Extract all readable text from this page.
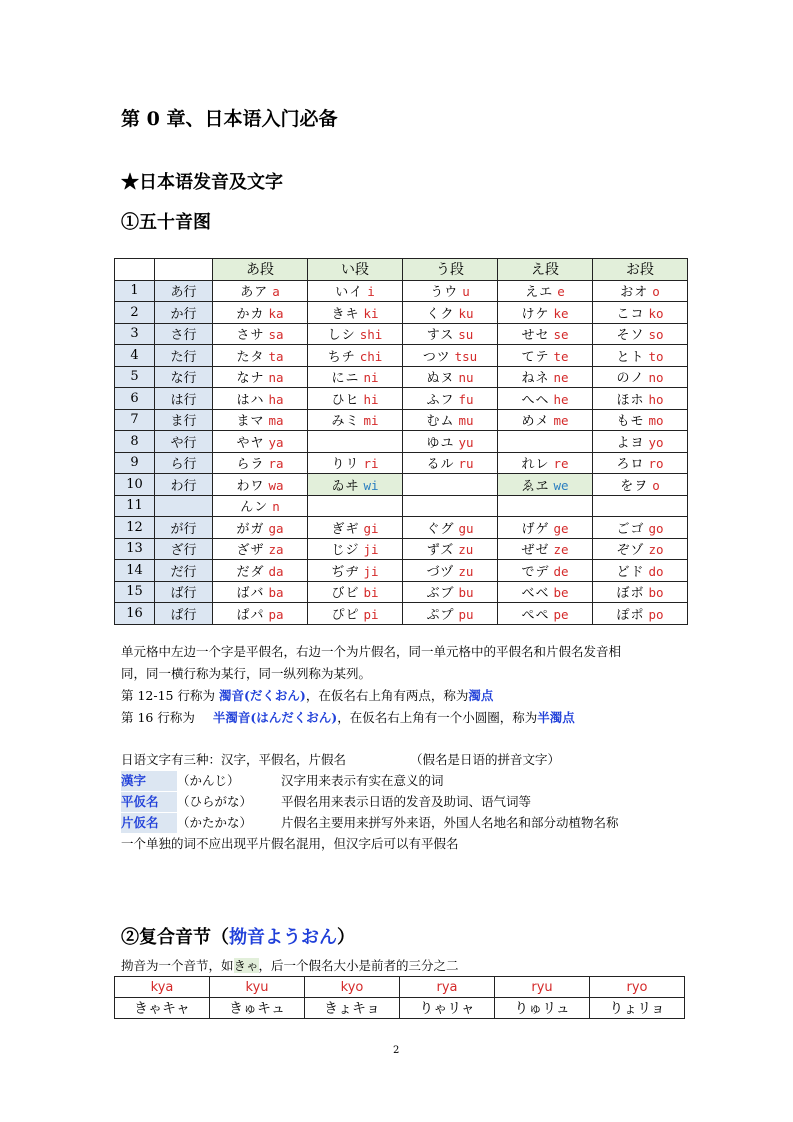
第 0 章、日本语入门必备
★日本语发音及文字
①五十音图
		あ段	い段	う段	え段	お段
1	あ行	あア a	いイ i	うウ u	えエ e	おオ o
2	か行	かカ ka	きキ ki	くク ku	けケ ke	こコ ko
3	さ行	さサ sa	しシ shi	すス su	せセ se	そソ so
4	た行	たタ ta	ちチ chi	つツ tsu	てテ te	とト to
5	な行	なナ na	にニ ni	ぬヌ nu	ねネ ne	のノ no
6	は行	はハ ha	ひヒ hi	ふフ fu	へヘ he	ほホ ho
7	ま行	まマ ma	みミ mi	むム mu	めメ me	もモ mo
8	や行	やヤ ya		ゆユ yu		よヨ yo
9	ら行	らラ ra	りリ ri	るル ru	れレ re	ろロ ro
10	わ行	わワ wa	ゐヰ wi		ゑヱ we	をヲ o
11		んン n				
12	が行	がガ ga	ぎギ gi	ぐグ gu	げゲ ge	ごゴ go
13	ざ行	ざザ za	じジ ji	ずズ zu	ぜゼ ze	ぞゾ zo
14	だ行	だダ da	ぢヂ ji	づヅ zu	でデ de	どド do
15	ば行	ばバ ba	びビ bi	ぶブ bu	べベ be	ぼボ bo
16	ぱ行	ぱパ pa	ぴピ pi	ぷプ pu	ぺペ pe	ぽポ po
单元格中左边一个字是平假名，右边一个为片假名，同一单元格中的平假名和片假名发音相
同，同一横行称为某行，同一纵列称为某列。
第 12-15 行称为 濁音(だくおん)，在仮名右上角有两点，称为濁点
第 16 行称为 半濁音(はんだくおん)，在仮名右上角有一个小圆圈，称为半濁点
日语文字有三种：汉字，平假名，片假名	（假名是日语的拼音文字）
漢字 （かんじ）	汉字用来表示有实在意义的词
平仮名 （ひらがな） 平假名用来表示日语的发音及助词、语气词等
片仮名 （かたかな） 片假名主要用来拼写外来语，外国人名地名和部分动植物名称
一个单独的词不应出现平片假名混用，但汉字后可以有平假名
②复合音节（拗音ようおん）
拗音为一个音节，如きゃ，后一个假名大小是前者的三分之二
kya	kyu	kyo	rya	ryu	ryo
きゃキャ	きゅキュ	きょキョ	りゃリャ	りゅリュ	りょリョ
2
